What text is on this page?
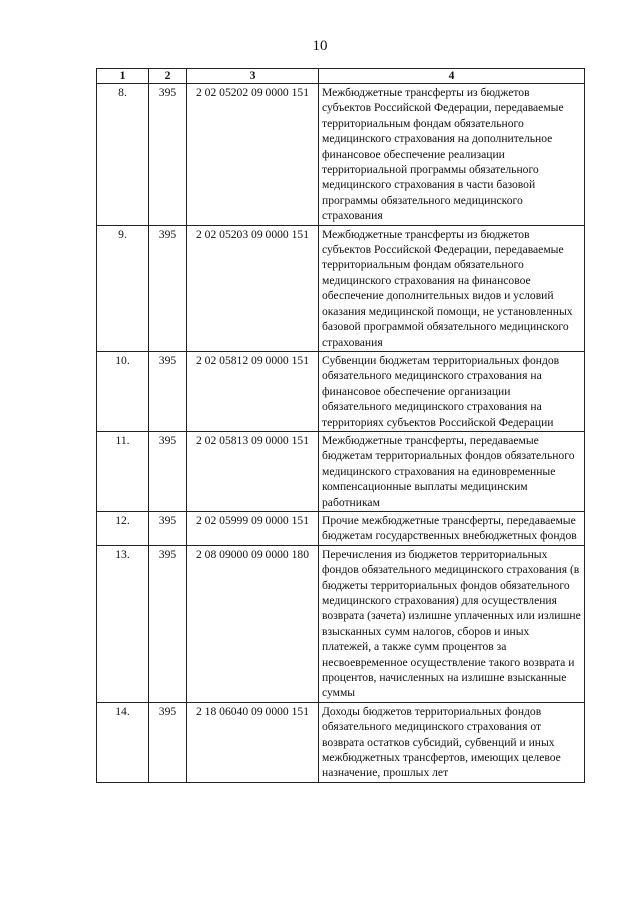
10
1	2	3	4
8.	395	2 02 05202 09 0000 151	Межбюджетные трансферты из бюджетов субъектов Российской Федерации, передаваемые территориальным фондам обязательного медицинского страхования на дополнительное финансовое обеспечение реализации территориальной программы обязательного медицинского страхования в части базовой программы обязательного медицинского страхования
9.	395	2 02 05203 09 0000 151	Межбюджетные трансферты из бюджетов субъектов Российской Федерации, передаваемые территориальным фондам обязательного медицинского страхования на финансовое обеспечение дополнительных видов и условий оказания медицинской помощи, не установленных базовой программой обязательного медицинского страхования
10.	395	2 02 05812 09 0000 151	Субвенции бюджетам территориальных фондов обязательного медицинского страхования на финансовое обеспечение организации обязательного медицинского страхования на территориях субъектов Российской Федерации
11.	395	2 02 05813 09 0000 151	Межбюджетные трансферты, передаваемые бюджетам территориальных фондов обязательного медицинского страхования на единовременные компенсационные выплаты медицинским работникам
12.	395	2 02 05999 09 0000 151	Прочие межбюджетные трансферты, передаваемые бюджетам государственных внебюджетных фондов
13.	395	2 08 09000 09 0000 180	Перечисления из бюджетов территориальных фондов обязательного медицинского страхования (в бюджеты территориальных фондов обязательного медицинского страхования) для осуществления возврата (зачета) излишне уплаченных или излишне взысканных сумм налогов, сборов и иных платежей, а также сумм процентов за несвоевременное осуществление такого возврата и процентов, начисленных на излишне взысканные суммы
14.	395	2 18 06040 09 0000 151	Доходы бюджетов территориальных фондов обязательного медицинского страхования от возврата остатков субсидий, субвенций и иных межбюджетных трансфертов, имеющих целевое назначение, прошлых лет
